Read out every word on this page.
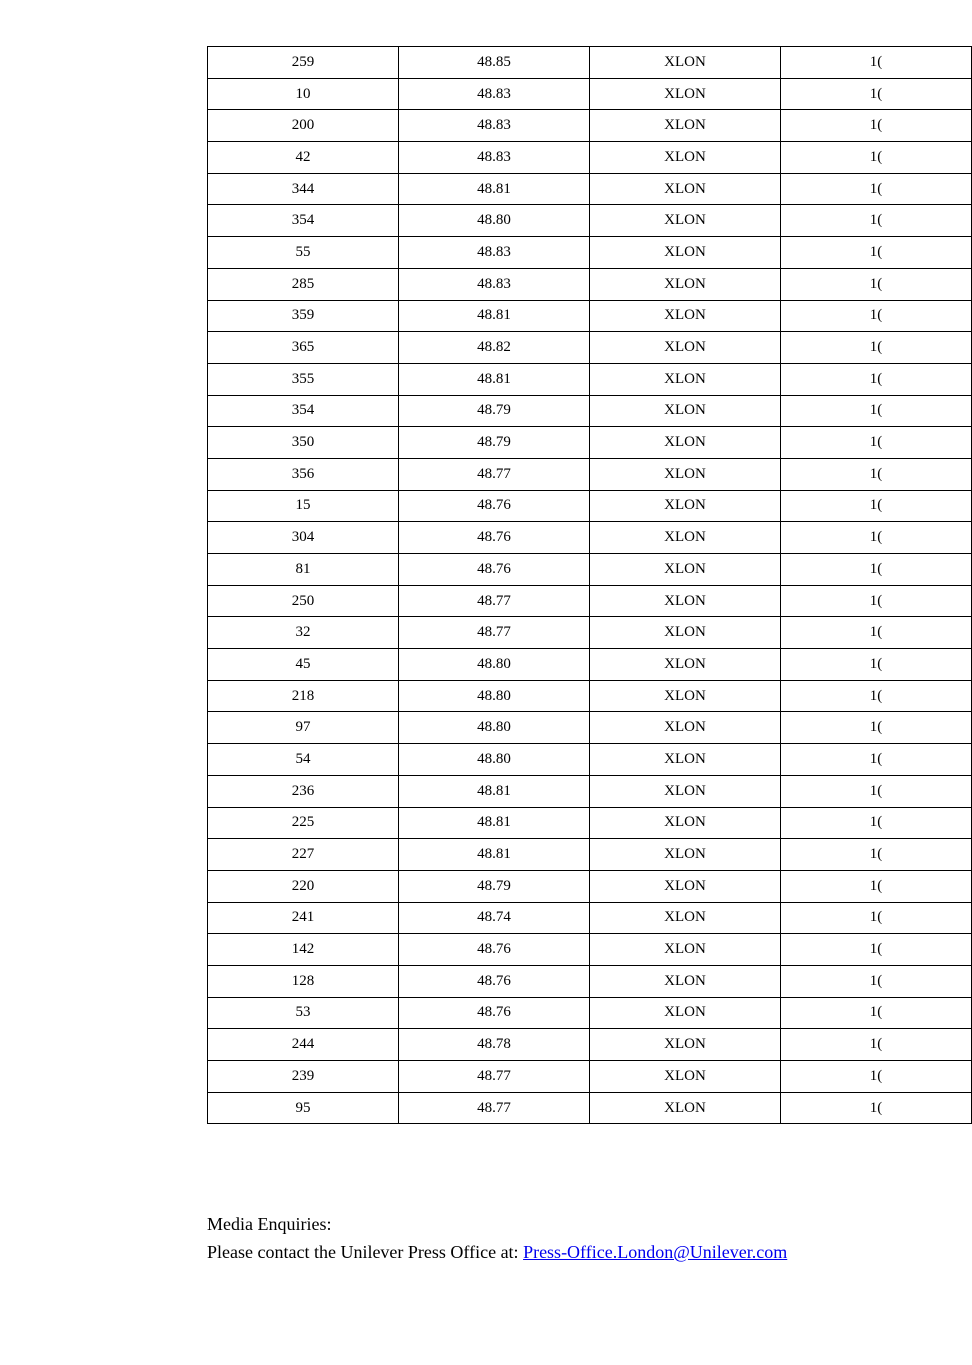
259	48.85	XLON	1(
10	48.83	XLON	1(
200	48.83	XLON	1(
42	48.83	XLON	1(
344	48.81	XLON	1(
354	48.80	XLON	1(
55	48.83	XLON	1(
285	48.83	XLON	1(
359	48.81	XLON	1(
365	48.82	XLON	1(
355	48.81	XLON	1(
354	48.79	XLON	1(
350	48.79	XLON	1(
356	48.77	XLON	1(
15	48.76	XLON	1(
304	48.76	XLON	1(
81	48.76	XLON	1(
250	48.77	XLON	1(
32	48.77	XLON	1(
45	48.80	XLON	1(
218	48.80	XLON	1(
97	48.80	XLON	1(
54	48.80	XLON	1(
236	48.81	XLON	1(
225	48.81	XLON	1(
227	48.81	XLON	1(
220	48.79	XLON	1(
241	48.74	XLON	1(
142	48.76	XLON	1(
128	48.76	XLON	1(
53	48.76	XLON	1(
244	48.78	XLON	1(
239	48.77	XLON	1(
95	48.77	XLON	1(
Media Enquiries:
Please contact the Unilever Press Office at: Press-Office.London@Unilever.com
